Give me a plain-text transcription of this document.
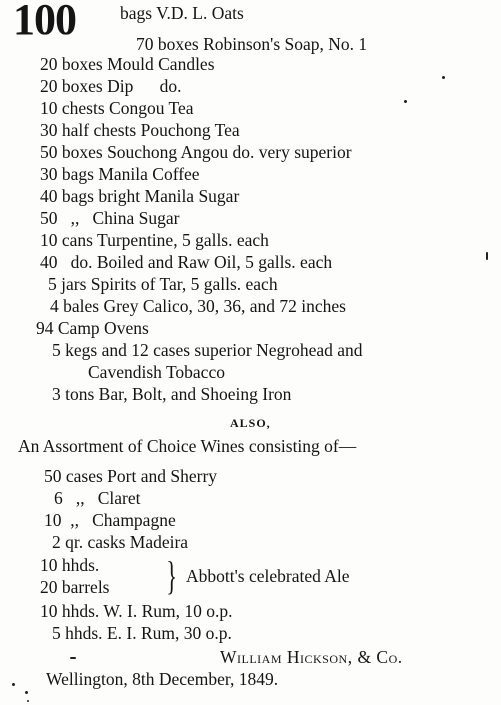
100	bags V.D. L. Oats
70 boxes Robinson's Soap, No. 1
20 boxes Mould Candles
20 boxes Dip      do.
10 chests Congou Tea
30 half chests Pouchong Tea
50 boxes Souchong Angou do. very superior
30 bags Manila Coffee
40 bags bright Manila Sugar
50   ,,   China Sugar
10 cans Turpentine, 5 galls. each
40   do. Boiled and Raw Oil, 5 galls. each
5 jars Spirits of Tar, 5 galls. each
4 bales Grey Calico, 30, 36, and 72 inches
94 Camp Ovens
5 kegs and 12 cases superior Negrohead and
Cavendish Tobacco
3 tons Bar, Bolt, and Shoeing Iron
ALSO,
An Assortment of Choice Wines consisting of—
50 cases Port and Sherry
6   ,,   Claret
10  ,,   Champagne
2 qr. casks Madeira
10 hhds.
20 barrels } Abbott's celebrated Ale
10 hhds. W. I. Rum, 10 o.p.
5 hhds. E. I. Rum, 30 o.p.
William Hickson, & Co.
Wellington, 8th December, 1849.
